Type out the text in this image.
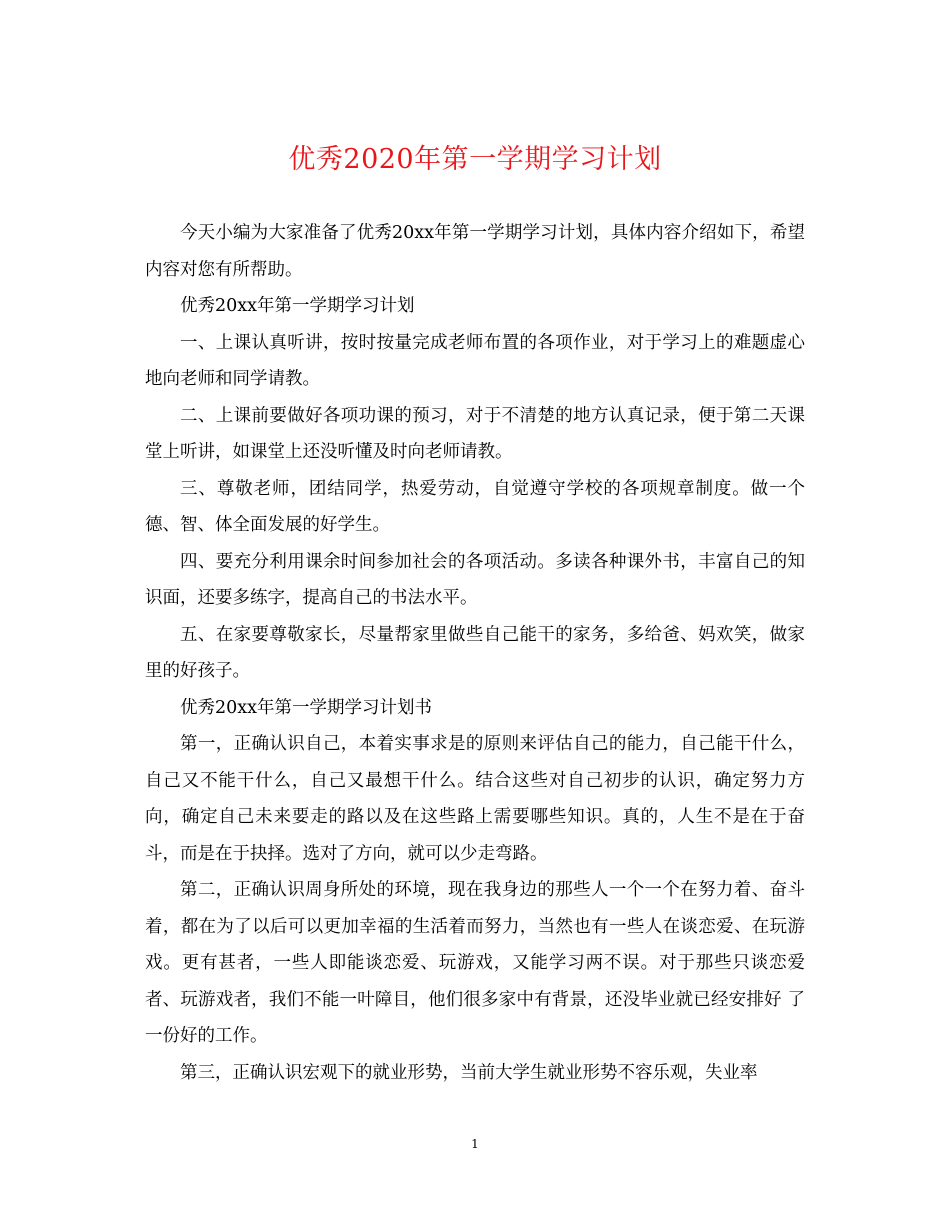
优秀2020年第一学期学习计划

今天小编为大家准备了优秀20xx年第一学期学习计划，具体内容介绍如下，希望内容对您有所帮助。

优秀20xx年第一学期学习计划

一、上课认真听讲，按时按量完成老师布置的各项作业，对于学习上的难题虚心地向老师和同学请教。

二、上课前要做好各项功课的预习，对于不清楚的地方认真记录，便于第二天课堂上听讲，如课堂上还没听懂及时向老师请教。

三、尊敬老师，团结同学，热爱劳动，自觉遵守学校的各项规章制度。做一个德、智、体全面发展的好学生。

四、要充分利用课余时间参加社会的各项活动。多读各种课外书，丰富自己的知识面，还要多练字，提高自己的书法水平。

五、在家要尊敬家长，尽量帮家里做些自己能干的家务，多给爸、妈欢笑，做家里的好孩子。

优秀20xx年第一学期学习计划书

第一，正确认识自己，本着实事求是的原则来评估自己的能力，自己能干什么，自己又不能干什么，自己又最想干什么。结合这些对自己初步的认识，确定努力方 向，确定自己未来要走的路以及在这些路上需要哪些知识。真的，人生不是在于奋斗，而是在于抉择。选对了方向，就可以少走弯路。

第二，正确认识周身所处的环境，现在我身边的那些人一个一个在努力着、奋斗着，都在为了以后可以更加幸福的生活着而努力，当然也有一些人在谈恋爱、在玩游 戏。更有甚者，一些人即能谈恋爱、玩游戏，又能学习两不误。对于那些只谈恋爱者、玩游戏者，我们不能一叶障目，他们很多家中有背景，还没毕业就已经安排好 了一份好的工作。

第三，正确认识宏观下的就业形势，当前大学生就业形势不容乐观，失业率

1
